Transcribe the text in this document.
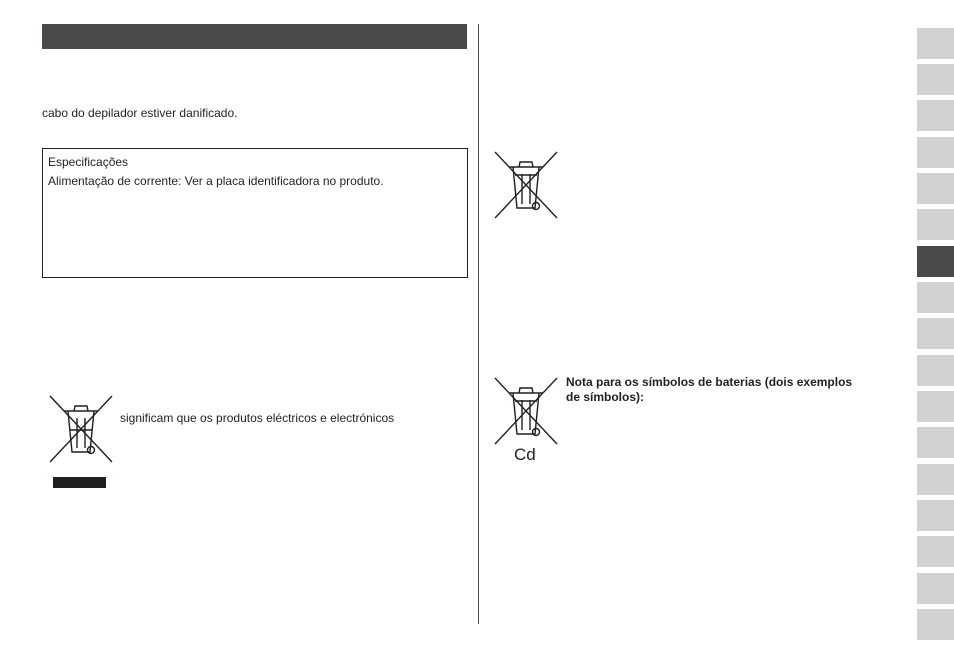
cabo do depilador estiver danificado.
Especificações
Alimentação de corrente: Ver a placa identificadora no produto.
significam que os produtos eléctricos e electrónicos
Cd
Nota para os símbolos de baterias (dois exemplos de símbolos):
